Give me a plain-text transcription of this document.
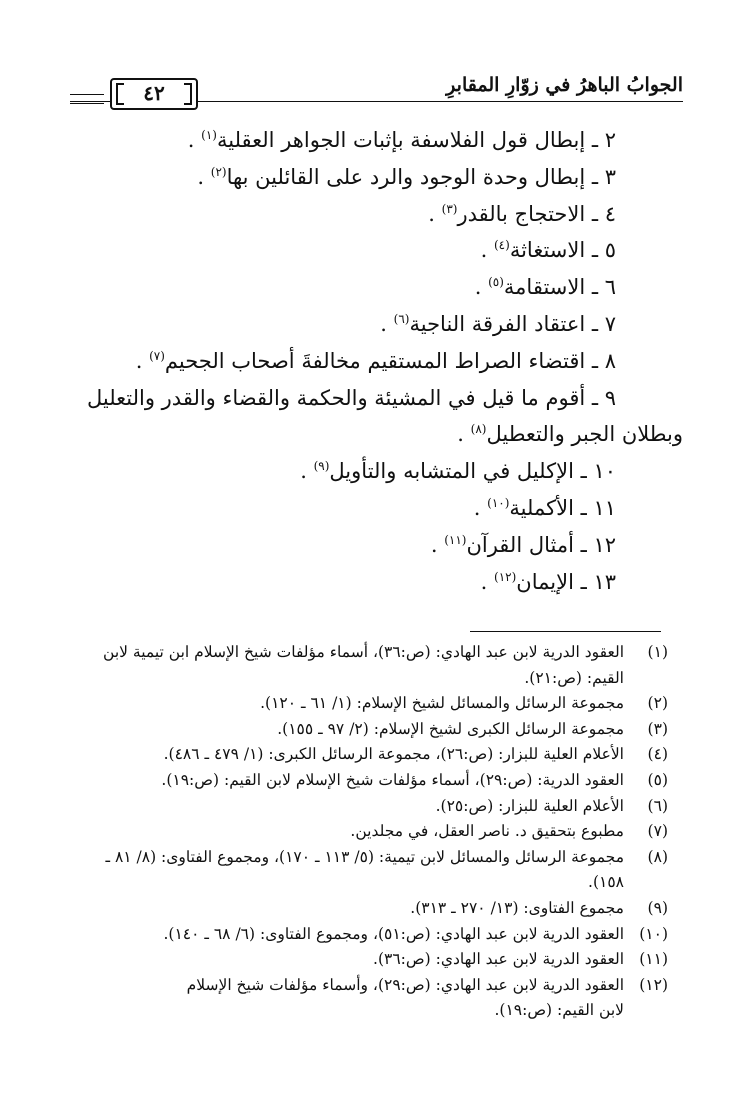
الجوابُ الباهرُ في زوّارِ المقابرِ
٤٢
٢ ـ إبطال قول الفلاسفة بإثبات الجواهر العقلية$^{(١)}$ .
٣ ـ إبطال وحدة الوجود والرد على القائلين بها$^{(٢)}$ .
٤ ـ الاحتجاج بالقدر$^{(٣)}$ .
٥ ـ الاستغاثة$^{(٤)}$ .
٦ ـ الاستقامة$^{(٥)}$ .
٧ ـ اعتقاد الفرقة الناجية$^{(٦)}$ .
٨ ـ اقتضاء الصراط المستقيم مخالفةَ أصحاب الجحيم$^{(٧)}$ .
٩ ـ أقوم ما قيل في المشيئة والحكمة والقضاء والقدر والتعليل
وبطلان الجبر والتعطيل$^{(٨)}$ .
١٠ ـ الإكليل في المتشابه والتأويل$^{(٩)}$ .
١١ ـ الأكملية$^{(١٠)}$ .
١٢ ـ أمثال القرآن$^{(١١)}$ .
١٣ ـ الإيمان$^{(١٢)}$ .
(١)
العقود الدرية لابن عبد الهادي: (ص:٣٦)، أسماء مؤلفات شيخ الإسلام ابن تيمية لابن القيم: (ص:٢١).
(٢)
مجموعة الرسائل والمسائل لشيخ الإسلام: (١/ ٦١ ـ ١٢٠).
(٣)
مجموعة الرسائل الكبرى لشيخ الإسلام: (٢/ ٩٧ ـ ١٥٥).
(٤)
الأعلام العلية للبزار: (ص:٢٦)، مجموعة الرسائل الكبرى: (١/ ٤٧٩ ـ ٤٨٦).
(٥)
العقود الدرية: (ص:٢٩)، أسماء مؤلفات شيخ الإسلام لابن القيم: (ص:١٩).
(٦)
الأعلام العلية للبزار: (ص:٢٥).
(٧)
مطبوع بتحقيق د. ناصر العقل، في مجلدين.
(٨)
مجموعة الرسائل والمسائل لابن تيمية: (٥/ ١١٣ ـ ١٧٠)، ومجموع الفتاوى: (٨/ ٨١ ـ ١٥٨).
(٩)
مجموع الفتاوى: (١٣/ ٢٧٠ ـ ٣١٣).
(١٠)
العقود الدرية لابن عبد الهادي: (ص:٥١)، ومجموع الفتاوى: (٦/ ٦٨ ـ ١٤٠).
(١١)
العقود الدرية لابن عبد الهادي: (ص:٣٦).
(١٢)
العقود الدرية لابن عبد الهادي: (ص:٢٩)، وأسماء مؤلفات شيخ الإسلام
لابن القيم: (ص:١٩).
